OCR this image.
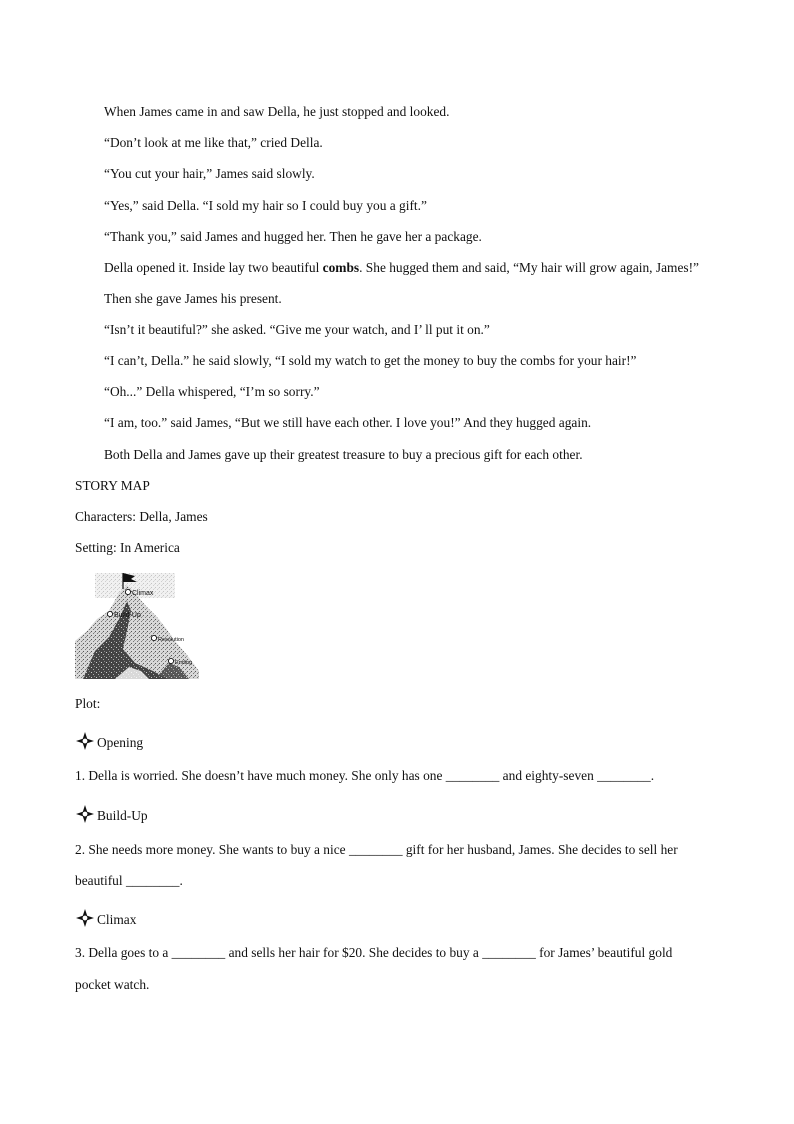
When James came in and saw Della, he just stopped and looked.
“Don’t look at me like that,” cried Della.
“You cut your hair,” James said slowly.
“Yes,” said Della. “I sold my hair so I could buy you a gift.”
“Thank you,” said James and hugged her. Then he gave her a package.
Della opened it. Inside lay two beautiful combs. She hugged them and said, “My hair will grow again, James!”
Then she gave James his present.
“Isn’t it beautiful?” she asked. “Give me your watch, and I’ ll put it on.”
“I can’t, Della.” he said slowly, “I sold my watch to get the money to buy the combs for your hair!”
“Oh...” Della whispered, “I’m so sorry.”
“I am, too.” said James, “But we still have each other. I love you!” And they hugged again.
Both Della and James gave up their greatest treasure to buy a precious gift for each other.
STORY MAP
Characters: Della, James
Setting: In America
Climax
Build-Up
Resolution
Ending
Plot:
Opening
1. Della is worried. She doesn’t have much money. She only has one ________ and eighty-seven ________.
Build-Up
2. She needs more money. She wants to buy a nice ________ gift for her husband, James. She decides to sell her
beautiful ________.
Climax
3. Della goes to a ________ and sells her hair for $20. She decides to buy a ________ for James’ beautiful gold
pocket watch.
